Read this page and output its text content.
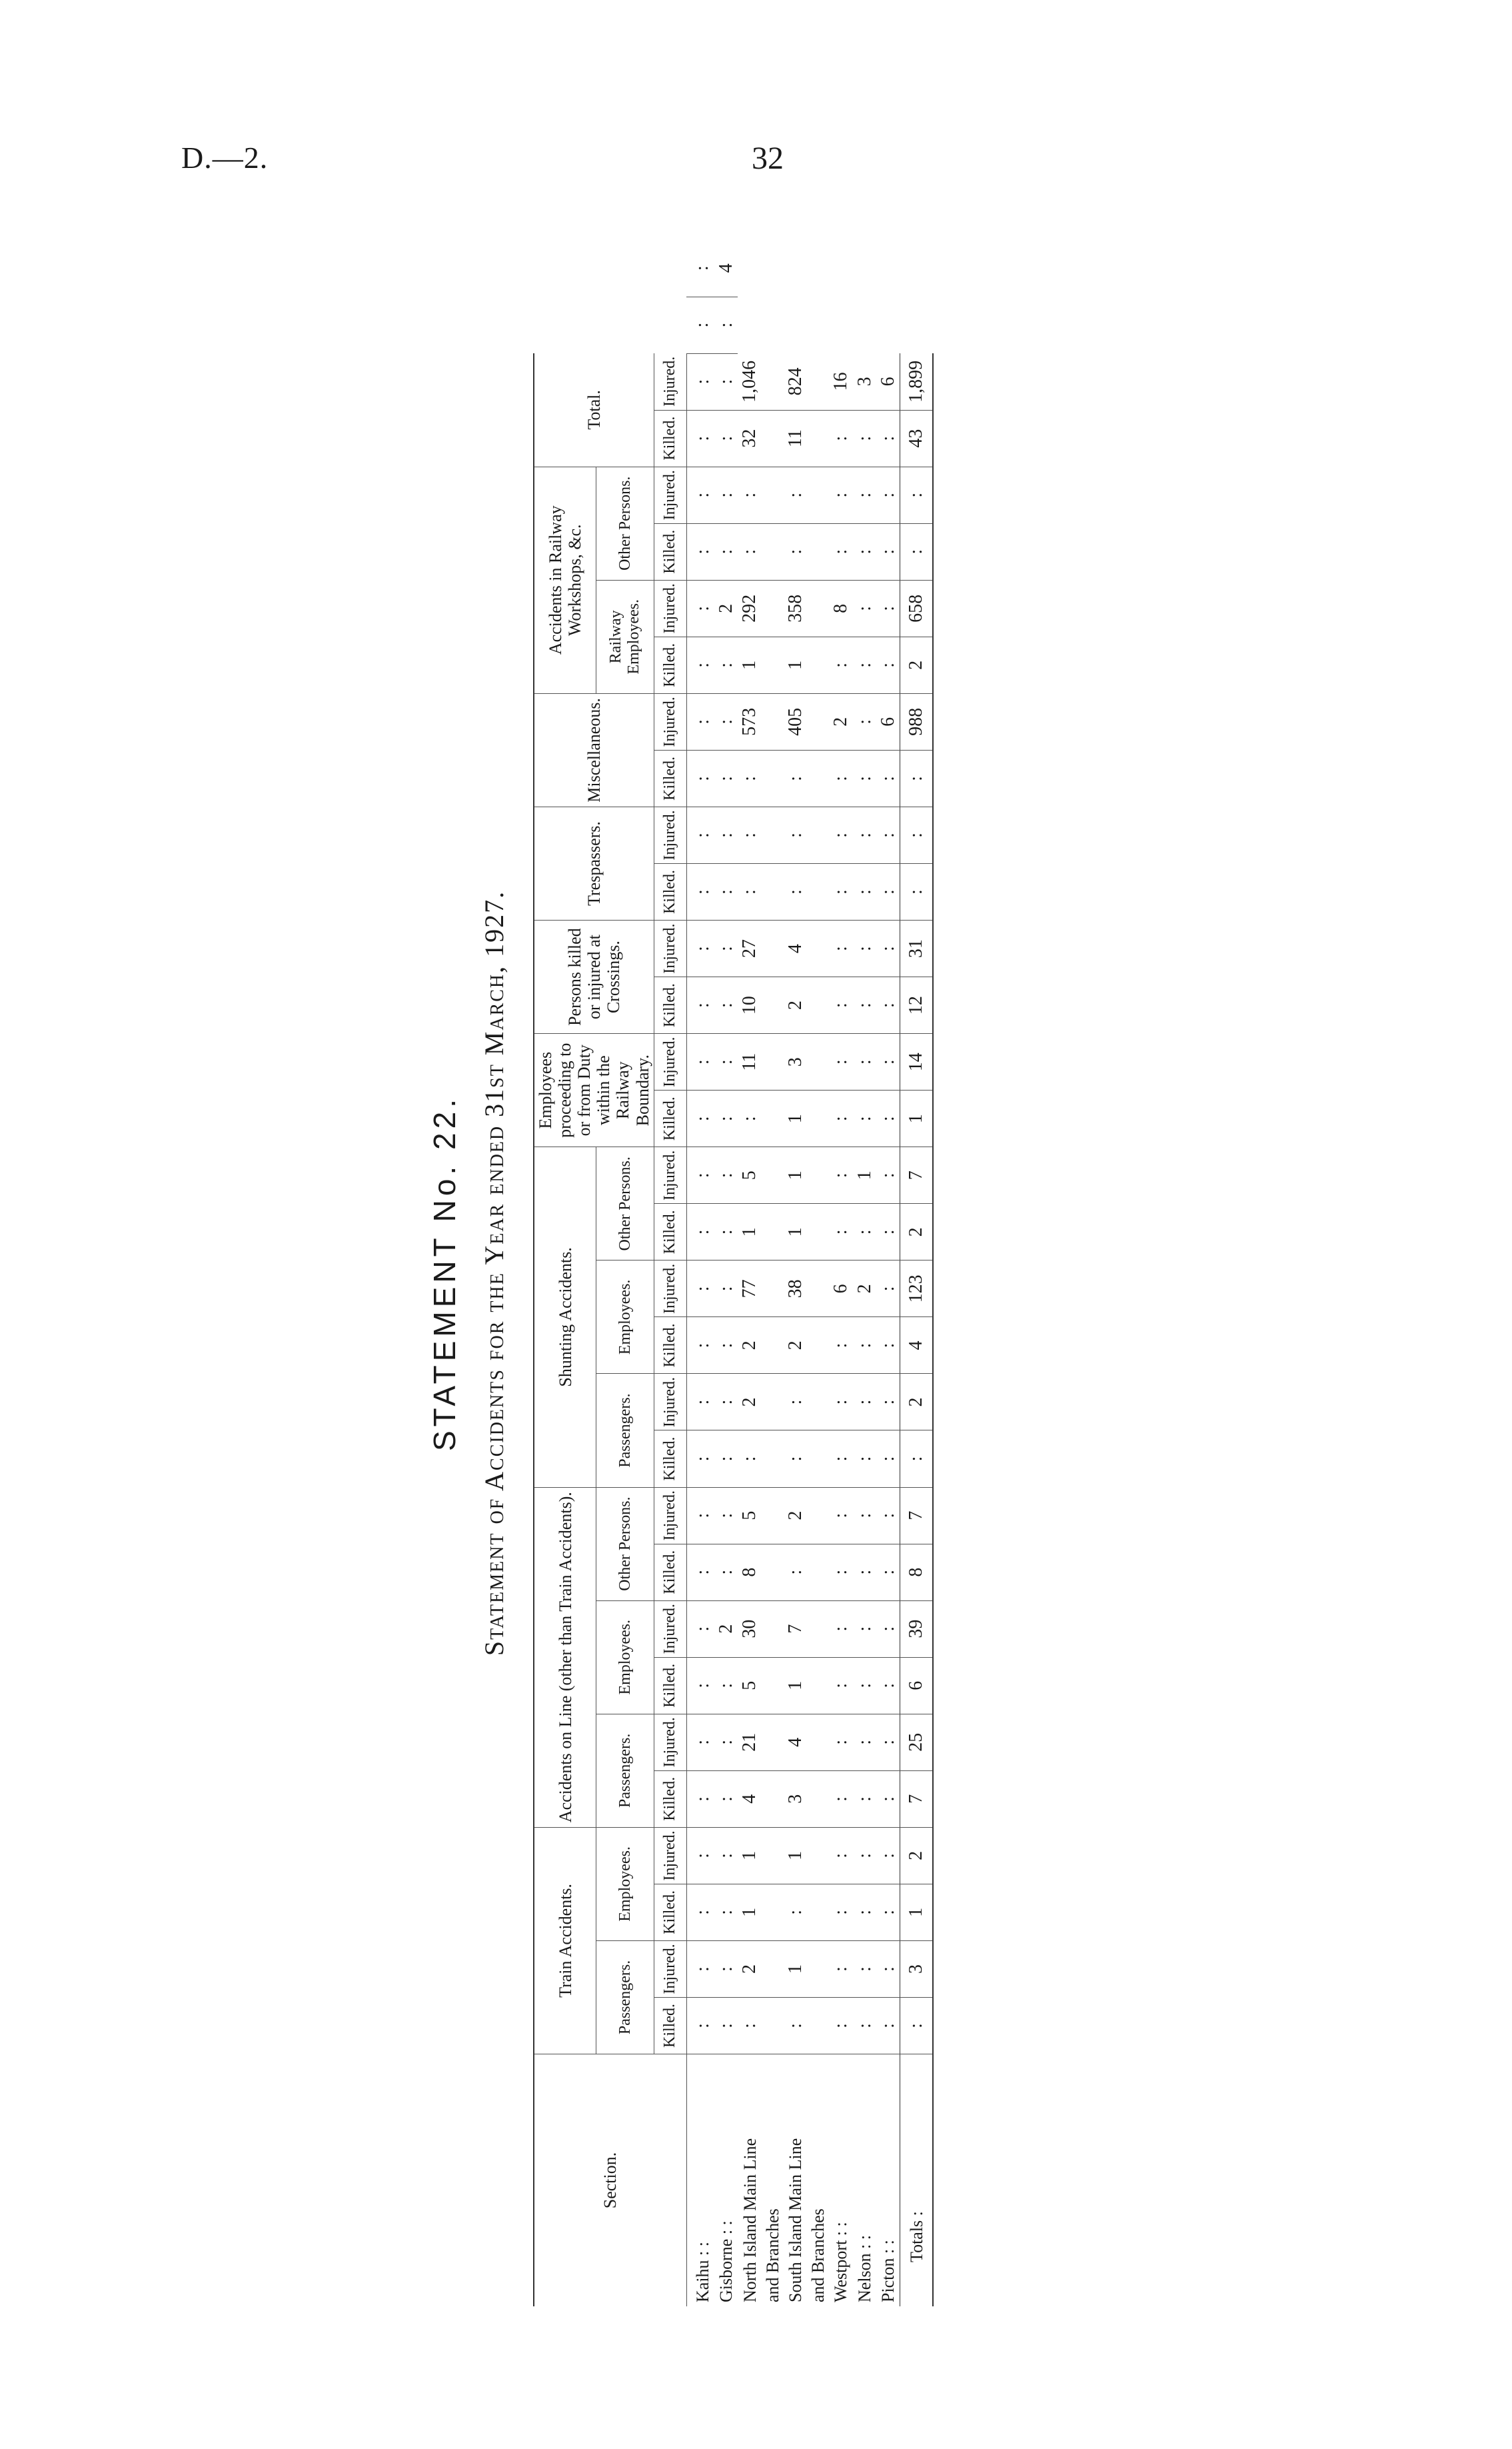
D.—2.	32
STATEMENT No. 22. Statement of Accidents for the Year ended 31st March, 1927.
Section.	Train Accidents.				Accidents on Line (other than Train Accidents).						Shunting Accidents.						Employees proceeding to or from Duty within the Railway Boundary.		Persons killed or injured at Crossings.		Trespassers.		Miscellaneous.		Accidents in Railway Workshops, &c.				Total.			
	Passengers.		Employees.		Passengers.		Employees.		Other Persons.		Passengers.		Employees.		Other Persons.										Railway Employees.		Other Persons.					
	Killed.	Injured.	Killed.	Injured.	Killed.	Injured.	Killed.	Injured.	Killed.	Injured.	Killed.	Injured.	Killed.	Injured.	Killed.	Injured.	Killed.	Injured.	Killed.	Injured.	Killed.	Injured.	Killed.	Injured.	Killed.	Injured.	Killed.	Injured.	Killed.	Injured.		
Kaihu : :	:	:	:	:	:	:	:	:	:	:	:	:	:	:	:	:	:	:	:	:	:	:	:	:	:	:	:	:	:	:	:	:
Gisborne : :	:	:	:	:	:	:	:	2	:	:	:	:	:	:	:	:	:	:	:	:	:	:	:	:	:	2	:	:	:	:	:	4
North Island Main Line	:	2	1	1	4	21	5	30	8	5	:	2	2	77	1	5	:	11	10	27	:	:	:	573	1	292	:	:	32	1,046		
and Branches																																
South Island Main Line	:	1	:	1	3	4	1	7	:	2	:	:	2	38	1	1	1	3	2	4	:	:	:	405	1	358	:	:	11	824		
and Branches																																
Westport : :	:	:	:	:	:	:	:	:	:	:	:	:	:	6	:	:	:	:	:	:	:	:	:	2	:	8	:	:	:	16		
Nelson : :	:	:	:	:	:	:	:	:	:	:	:	:	:	2	:	1	:	:	:	:	:	:	:	:	:	:	:	:	:	3		
Picton : :	:	:	:	:	:	:	:	:	:	:	:	:	:	:	:	:	:	:	:	:	:	:	:	6	:	:	:	:	:	6		
Totals :	:	3	1	2	7	25	6	39	8	7	:	2	4	123	2	7	1	14	12	31	:	:	:	988	2	658	:	:	43	1,899		
